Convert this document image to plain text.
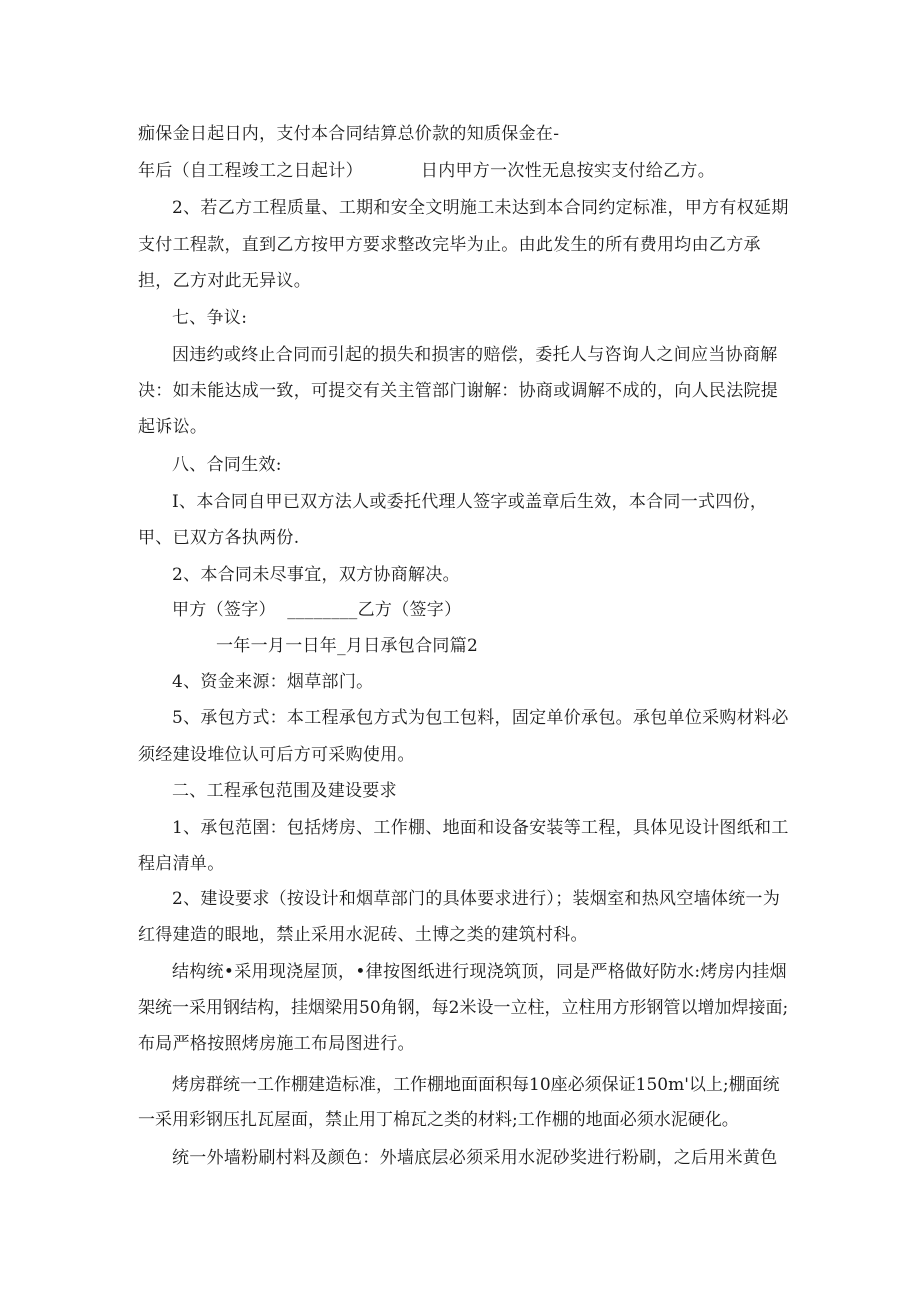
痂保金日起日内，支付本合同结算总价款的知质保金在-
年后（自工程竣工之日起计）	日内甲方一次性无息按实支付给乙方。
2、若乙方工程质量、工期和安全文明施工未达到本合同约定标准，甲方有权延期
支付工程款，直到乙方按甲方要求整改完毕为止。由此发生的所有费用均由乙方承
担，乙方对此无异议。
七、争议:
因违约或终止合同而引起的损失和损害的赔偿，委托人与咨询人之间应当协商解
决：如未能达成一致，可提交有关主管部门谢解：协商或调解不成的，向人民法院提
起诉讼。
八、合同生效:
I、本合同自甲已双方法人或委托代理人签字或盖章后生效，本合同一式四份，
甲、已双方各执两份.
2、本合同未尽事宜，双方协商解决。
甲方（签字）  ________乙方（签字）
一年一月一日年_月日承包合同篇2
4、资金来源：烟草部门。
5、承包方式：本工程承包方式为包工包料，固定单价承包。承包单位采购材料必
须经建设堆位认可后方可采购使用。
二、工程承包范围及建设要求
1、承包范圉：包括烤房、工作棚、地面和设备安装等工程，具体见设计图纸和工
程启清单。
2、建设要求（按设计和烟草部门的具体要求进行）；装烟室和热风空墙体统一为
红得建造的眼地，禁止采用水泥砖、土博之类的建筑村科。
结构统•采用现浇屋顶，•律按图纸进行现浇筑顶，同是严格做好防水:烤房内挂烟
架统一采用钢结构，挂烟梁用50角钢，每2米设一立柱，立柱用方形钢管以增加焊接面;
布局严格按照烤房施工布局图进行。
烤房群统一工作棚建造标准，工作棚地面面积每10座必须保证150m'以上;棚面统
一采用彩钢压扎瓦屋面，禁止用丁棉瓦之类的材料;工作棚的地面必须水泥硬化。
统一外墙粉刷村料及颜色：外墙底层必须采用水泥砂奖进行粉刷，之后用米黄色
